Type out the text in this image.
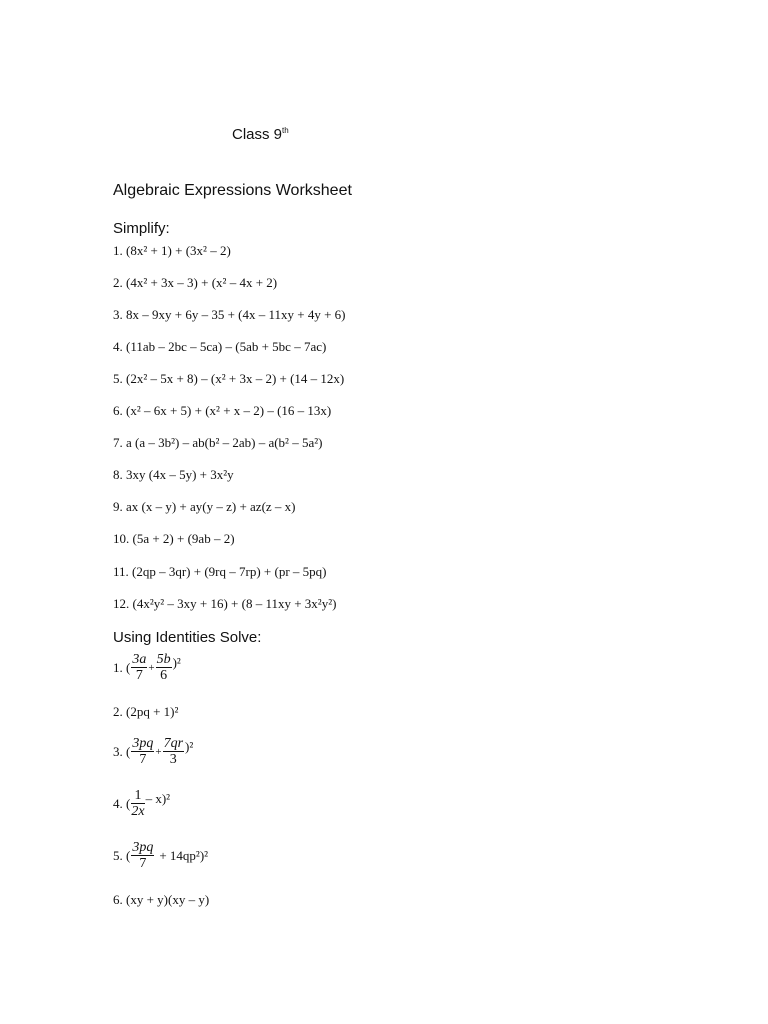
Class 9th
Algebraic Expressions Worksheet
Simplify:
1. (8x² + 1) + (3x² – 2)
2. (4x² + 3x – 3) + (x² – 4x + 2)
3. 8x – 9xy + 6y – 35 + (4x – 11xy + 4y + 6)
4. (11ab – 2bc – 5ca) – (5ab + 5bc – 7ac)
5. (2x² – 5x + 8) – (x² + 3x – 2) + (14 – 12x)
6. (x² – 6x + 5) + (x² + x – 2) – (16 – 13x)
7. a (a – 3b²) – ab(b² – 2ab) – a(b² – 5a²)
8. 3xy (4x – 5y) + 3x²y
9. ax (x – y) + ay(y – z) + az(z – x)
10. (5a + 2) + (9ab – 2)
11. (2qp – 3qr) + (9rq – 7rp) + (pr – 5pq)
12. (4x²y² – 3xy + 16) + (8 – 11xy + 3x²y²)
Using Identities Solve:
1. ( $\frac{3a}{7} + \frac{5b}{6} )^2$
2. (2pq + 1)²
3. ( $\frac{3pq}{7} + \frac{7qr}{3} )^2$
4. ( $\frac{1}{2x} - x)^2$
5. ( $\frac{3pq}{7} + 14qp^2)^2$
6. (xy + y)(xy – y)
